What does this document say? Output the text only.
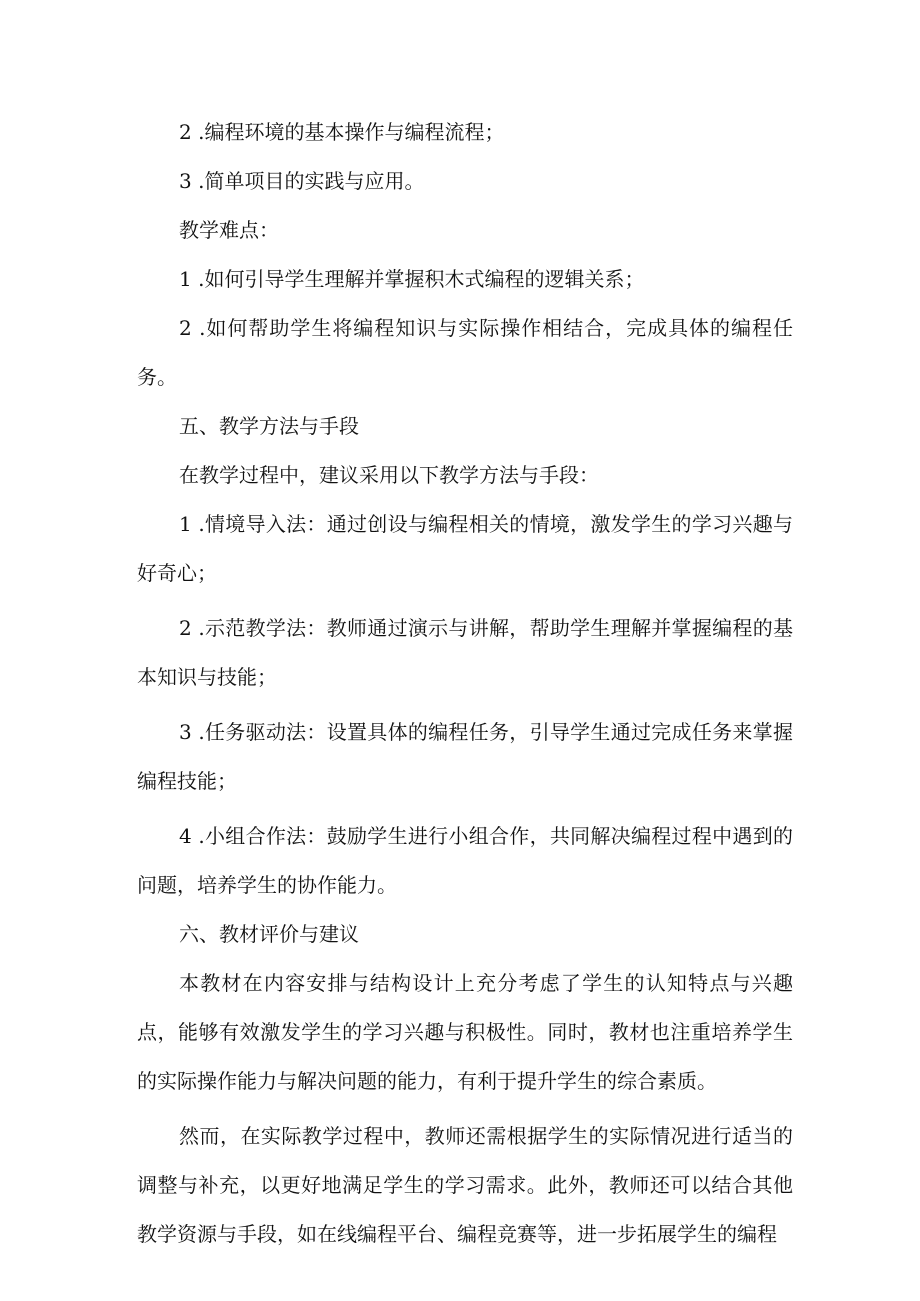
2 .编程环境的基本操作与编程流程；

3 .简单项目的实践与应用。

教学难点：

1 .如何引导学生理解并掌握积木式编程的逻辑关系；

2 .如何帮助学生将编程知识与实际操作相结合，完成具体的编程任务。

五、教学方法与手段

在教学过程中，建议采用以下教学方法与手段：

1 .情境导入法：通过创设与编程相关的情境，激发学生的学习兴趣与好奇心；

2 .示范教学法：教师通过演示与讲解，帮助学生理解并掌握编程的基本知识与技能；

3 .任务驱动法：设置具体的编程任务，引导学生通过完成任务来掌握编程技能；

4 .小组合作法：鼓励学生进行小组合作，共同解决编程过程中遇到的问题，培养学生的协作能力。

六、教材评价与建议

本教材在内容安排与结构设计上充分考虑了学生的认知特点与兴趣点，能够有效激发学生的学习兴趣与积极性。同时，教材也注重培养学生的实际操作能力与解决问题的能力，有利于提升学生的综合素质。

然而，在实际教学过程中，教师还需根据学生的实际情况进行适当的调整与补充，以更好地满足学生的学习需求。此外，教师还可以结合其他教学资源与手段，如在线编程平台、编程竞赛等，进一步拓展学生的编程
